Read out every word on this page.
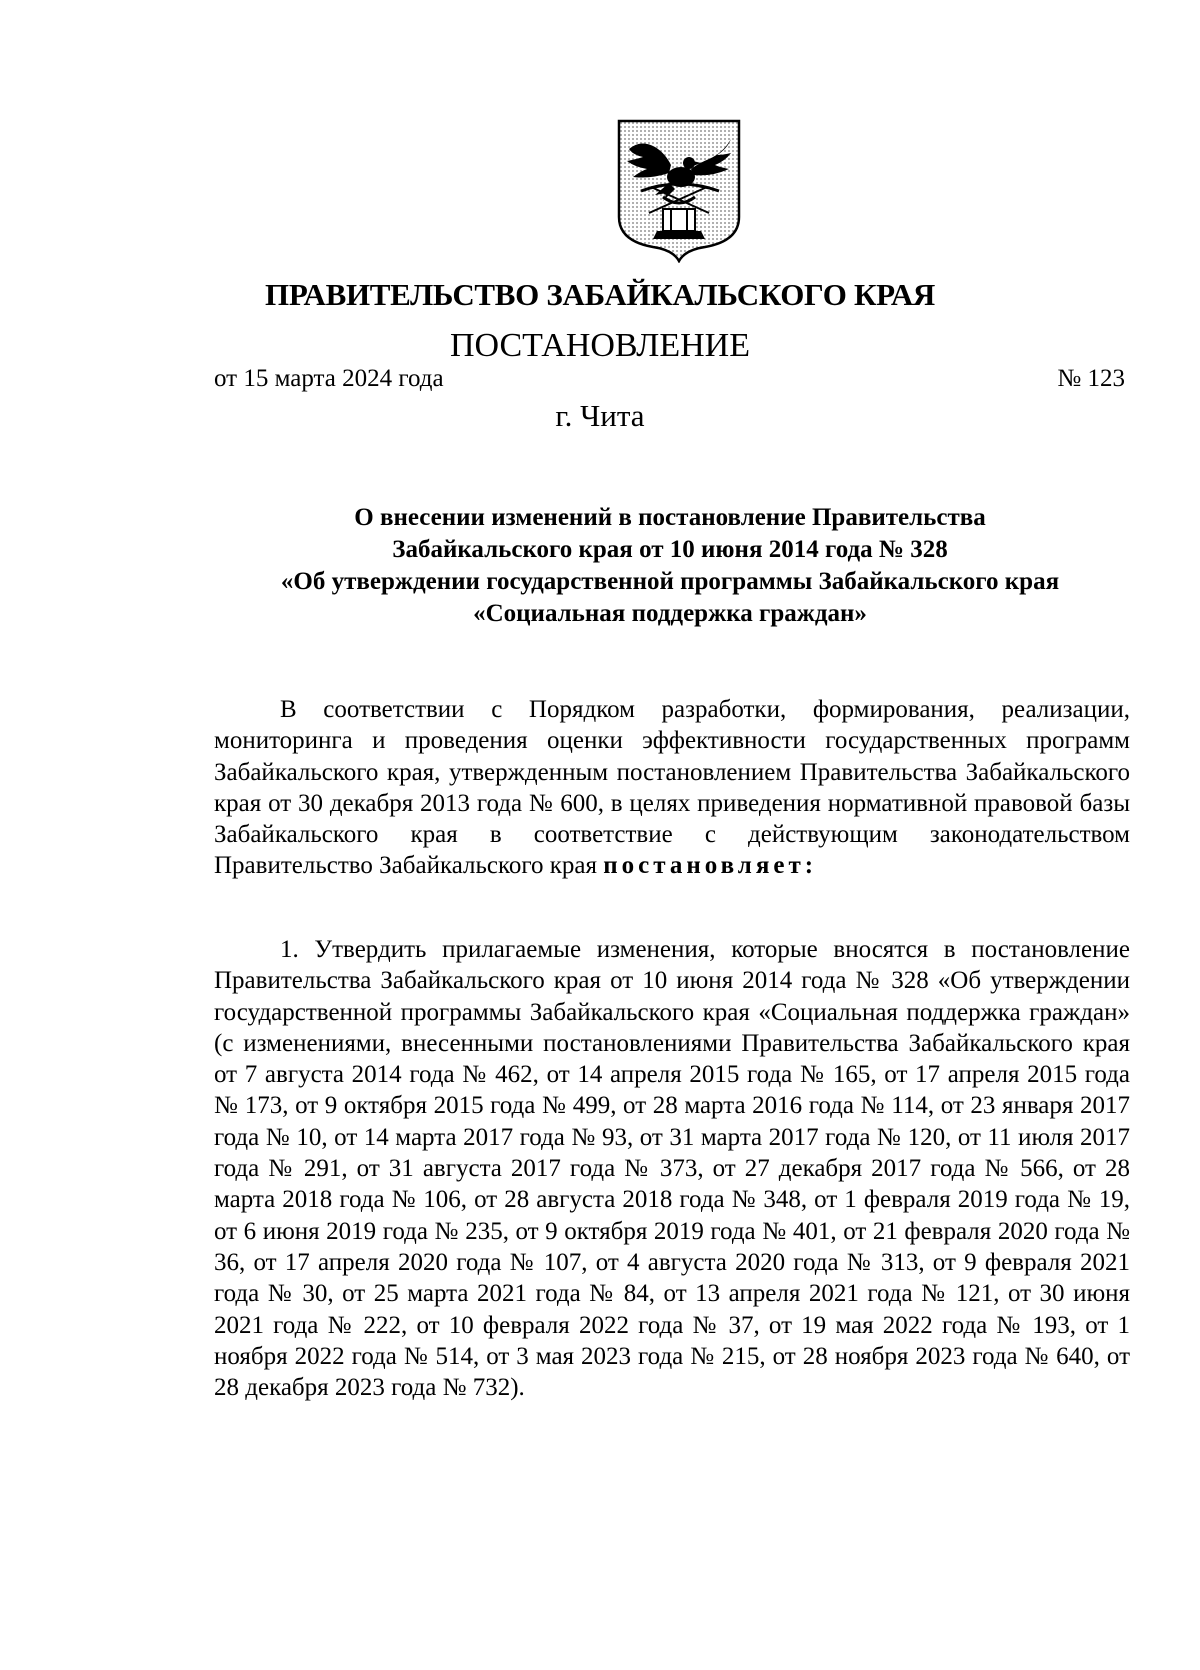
ПРАВИТЕЛЬСТВО ЗАБАЙКАЛЬСКОГО КРАЯ
ПОСТАНОВЛЕНИЕ
от 15 марта 2024 года	№ 123
г. Чита
О внесении изменений в постановление Правительства
Забайкальского края от 10 июня 2014 года № 328
«Об утверждении государственной программы Забайкальского края
«Социальная поддержка граждан»
В соответствии с Порядком разработки, формирования, реализации, мониторинга и проведения оценки эффективности государственных программ Забайкальского края, утвержденным постановлением Правительства Забайкальского края от 30 декабря 2013 года № 600, в целях приведения нормативной правовой базы Забайкальского края в соответствие с действующим законодательством Правительство Забайкальского края постановляет:
1. Утвердить прилагаемые изменения, которые вносятся в постановление Правительства Забайкальского края от 10 июня 2014 года № 328 «Об утверждении государственной программы Забайкальского края «Социальная поддержка граждан» (с изменениями, внесенными постановлениями Правительства Забайкальского края от 7 августа 2014 года № 462, от 14 апреля 2015 года № 165, от 17 апреля 2015 года № 173, от 9 октября 2015 года № 499, от 28 марта 2016 года № 114, от 23 января 2017 года № 10, от 14 марта 2017 года № 93, от 31 марта 2017 года № 120, от 11 июля 2017 года № 291, от 31 августа 2017 года № 373, от 27 декабря 2017 года № 566, от 28 марта 2018 года № 106, от 28 августа 2018 года № 348, от 1 февраля 2019 года № 19, от 6 июня 2019 года № 235, от 9 октября 2019 года № 401, от 21 февраля 2020 года № 36, от 17 апреля 2020 года № 107, от 4 августа 2020 года № 313, от 9 февраля 2021 года № 30, от 25 марта 2021 года № 84, от 13 апреля 2021 года № 121, от 30 июня 2021 года № 222, от 10 февраля 2022 года № 37, от 19 мая 2022 года № 193, от 1 ноября 2022 года № 514, от 3 мая 2023 года № 215, от 28 ноября 2023 года № 640, от 28 декабря 2023 года № 732).
